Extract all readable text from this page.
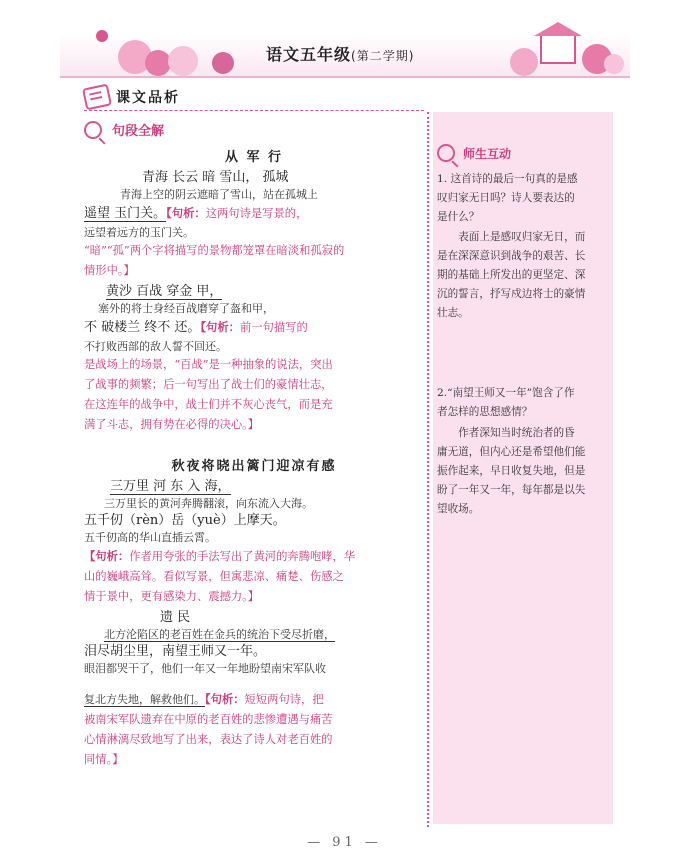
语文五年级(第二学期)
课文品析
句段全解
从 军 行
青海 长云 暗 雪山， 孤城
青海上空的阴云遮暗了雪山，站在孤城上
遥望 玉门关。【句析：这两句诗是写景的，
远望着远方的玉门关。
“暗”“孤”两个字将描写的景物都笼罩在暗淡和孤寂的
情形中。】
黄沙 百战 穿金 甲，
塞外的将士身经百战磨穿了盔和甲，
不 破楼兰 终不 还。【句析：前一句描写的
不打败西部的敌人誓不回还。
是战场上的场景，“百战”是一种抽象的说法，突出
了战事的频繁；后一句写出了战士们的豪情壮志，
在这连年的战争中，战士们并不灰心丧气，而是充
满了斗志，拥有势在必得的决心。】
秋夜将晓出篱门迎凉有感
三万里 河 东 入 海，
三万里长的黄河奔腾翻滚，向东流入大海。
五千仞（rèn）岳（yuè）上摩天。
五千仞高的华山直插云霄。
【句析：作者用夸张的手法写出了黄河的奔腾咆哮，华
山的巍峨高耸。看似写景，但寓悲凉、痛楚、伤感之
情于景中，更有感染力、震撼力。】
遗 民
北方沦陷区的老百姓在金兵的统治下受尽折磨，
泪尽胡尘里，南望王师又一年。
眼泪都哭干了，他们一年又一年地盼望南宋军队收
复北方失地，解救他们。【句析：短短两句诗，把
被南宋军队遗弃在中原的老百姓的悲惨遭遇与痛苦
心情淋漓尽致地写了出来，表达了诗人对老百姓的
同情。】
师生互动
1. 这首诗的最后一句真的是感
叹归家无日吗？诗人要表达的
是什么？
　　表面上是感叹归家无日，而
是在深深意识到战争的艰苦、长
期的基础上所发出的更坚定、深
沉的誓言，抒写戍边将士的豪情
壮志。
2.“南望王师又一年”饱含了作
者怎样的思想感情？
　　作者深知当时统治者的昏
庸无道，但内心还是希望他们能
振作起来，早日收复失地，但是
盼了一年又一年，每年都是以失
望收场。
— 91 —
